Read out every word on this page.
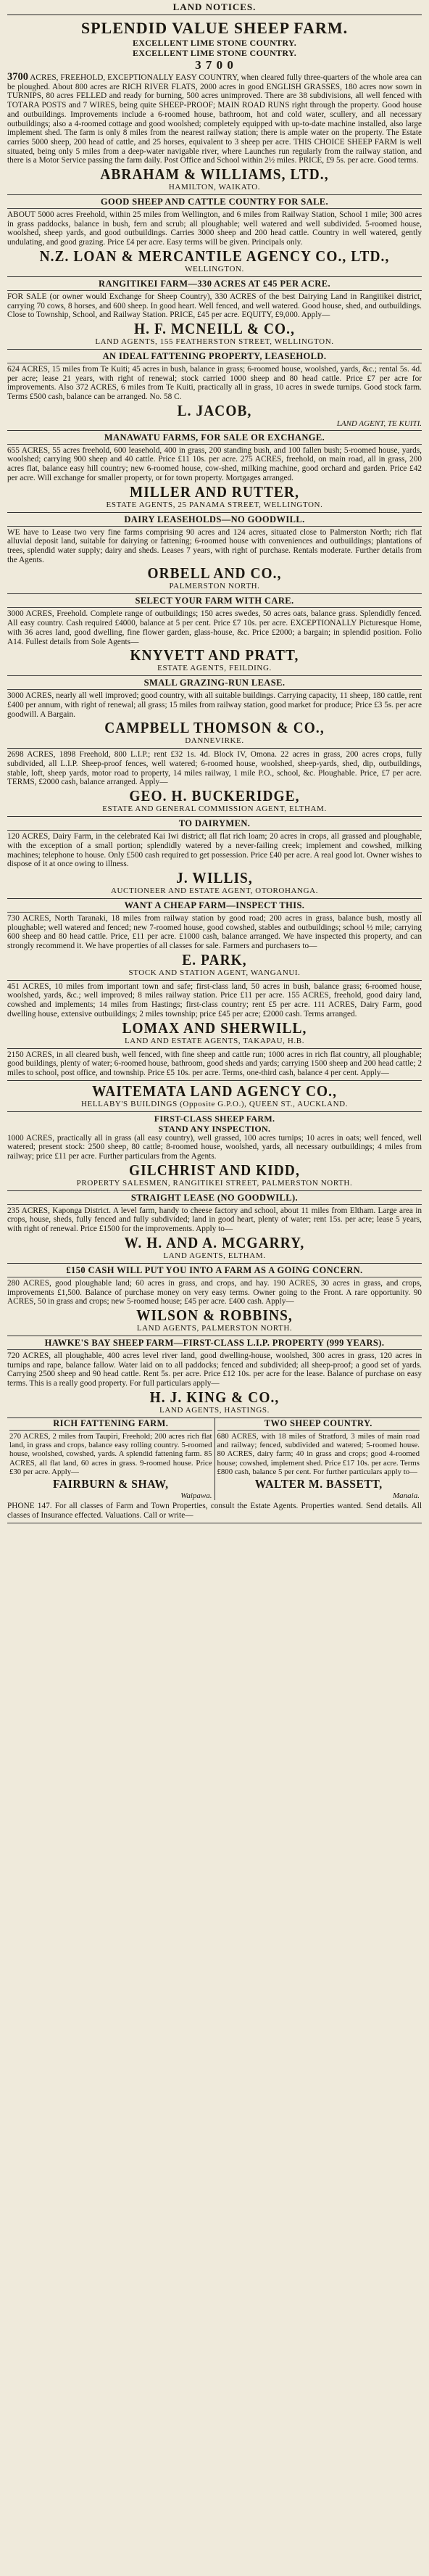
LAND NOTICES.
SPLENDID VALUE SHEEP FARM.
EXCELLENT LIME STONE COUNTRY.
EXCELLENT LIME STONE COUNTRY.
3 7 0 0

3700 ACRES, FREEHOLD, EXCEPTIONALLY EASY COUNTRY, when cleared fully three-quarters of the whole area can be ploughed. About 800 acres are RICH RIVER FLATS, 2000 acres in good ENGLISH GRASSES, 180 acres now sown in TURNIPS, 80 acres FELLED and ready for burning, 500 acres unimproved. There are 38 subdivisions, all well fenced with TOTARA POSTS and 7 WIRES, being quite SHEEP-PROOF; MAIN ROAD RUNS right through the property. Good house and outbuildings. Improvements include a 6-roomed house, bathroom, hot and cold water, scullery, and all necessary outbuildings; also a 4-roomed cottage and good woolshed; completely equipped with up-to-date machine installed, also large implement shed. The farm is only 8 miles from the nearest railway station; there is ample water on the property. The Estate carries 5000 sheep, 200 head of cattle, and 25 horses, equivalent to 3 sheep per acre. THIS CHOICE SHEEP FARM is well situated, being only 5 miles from a deep-water navigable river, where Launches run regularly from the railway station, and there is a Motor Service passing the farm daily. Post Office and School within 2½ miles. PRICE, £9 5s. per acre. Good terms.

ABRAHAM & WILLIAMS, LTD.,
HAMILTON, WAIKATO.
GOOD SHEEP AND CATTLE COUNTRY FOR SALE.

ABOUT 5000 acres Freehold, within 25 miles from Wellington, and 6 miles from Railway Station, School 1 mile; 300 acres in grass paddocks, balance in bush, fern and scrub; all ploughable; well watered and well subdivided. 5-roomed house, woolshed, sheep yards, and good outbuildings. Carries 3000 sheep and 200 head cattle. Country in well watered, gently undulating, and good grazing. Price £4 per acre. Easy terms will be given. Principals only.

N.Z. LOAN & MERCANTILE AGENCY CO., LTD.,
WELLINGTON.
RANGITIKEI FARM—330 ACRES AT £45 PER ACRE.

FOR SALE (or owner would Exchange for Sheep Country), 330 ACRES of the best Dairying Land in Rangitikei district, carrying 70 cows, 8 horses, and 600 sheep. In good heart. Well fenced, and well watered. Good house, shed, and outbuildings. Close to Township, School, and Railway Station. PRICE, £45 per acre. EQUITY, £9,000. Apply—

H. F. MCNEILL & CO.,
LAND AGENTS, 155 FEATHERSTON STREET, WELLINGTON.
AN IDEAL FATTENING PROPERTY, LEASEHOLD.

624 ACRES, 15 miles from Te Kuiti; 45 acres in bush, balance in grass; 6-roomed house, woolshed, yards, &c.; rental 5s. 4d. per acre; lease 21 years, with right of renewal; stock carried 1000 sheep and 80 head cattle. Price £7 per acre for improvements. Also 372 ACRES, 6 miles from Te Kuiti, practically all in grass, 10 acres in swede turnips. Good stock farm. Terms £500 cash, balance can be arranged. No. 58 C.

L. JACOB,
LAND AGENT, TE KUITI.
MANAWATU FARMS, FOR SALE OR EXCHANGE.

655 ACRES, 55 acres freehold, 600 leasehold, 400 in grass, 200 standing bush, and 100 fallen bush; 5-roomed house, yards, woolshed; carrying 900 sheep and 40 cattle. Price £11 10s. per acre. 275 ACRES, freehold, on main road, all in grass, 200 acres flat, balance easy hill country; new 6-roomed house, cow-shed, milking machine, good orchard and garden. Price £42 per acre. Will exchange for smaller property, or for town property. Mortgages arranged.

MILLER AND RUTTER,
ESTATE AGENTS, 25 PANAMA STREET, WELLINGTON.
DAIRY LEASEHOLDS—NO GOODWILL.

WE have to Lease two very fine farms comprising 90 acres and 124 acres, situated close to Palmerston North; rich flat alluvial deposit land, suitable for dairying or fattening; 6-roomed house with conveniences and outbuildings; plantations of trees, splendid water supply; dairy and sheds. Leases 7 years, with right of purchase. Rentals moderate. Further details from the Agents.

ORBELL AND CO.,
PALMERSTON NORTH.
SELECT YOUR FARM WITH CARE.

3000 ACRES, Freehold. Complete range of outbuildings; 150 acres swedes, 50 acres oats, balance grass. Splendidly fenced. All easy country. Cash required £4000, balance at 5 per cent. Price £7 10s. per acre. EXCEPTIONALLY Picturesque Home, with 36 acres land, good dwelling, fine flower garden, glass-house, &c. Price £2000; a bargain; in splendid position. Folio A14. Fullest details from Sole Agents—

KNYVETT AND PRATT,
ESTATE AGENTS, FEILDING.
SMALL GRAZING-RUN LEASE.

3000 ACRES, nearly all well improved; good country, with all suitable buildings. Carrying capacity, 11 sheep, 180 cattle, rent £400 per annum, with right of renewal; all grass; 15 miles from railway station, good market for produce; Price £3 5s. per acre goodwill. A Bargain.

CAMPBELL THOMSON & CO.,
DANNEVIRKE.

2698 ACRES, 1898 Freehold, 800 L.I.P.; rent £32 1s. 4d. Block IV, Omona. 22 acres in grass, 200 acres crops, fully subdivided, all L.I.P. Sheep-proof fences, well watered; 6-roomed house, woolshed, sheep-yards, shed, dip, outbuildings, stable, loft, sheep yards, motor road to property, 14 miles railway, 1 mile P.O., school, &c. Ploughable. Price, £7 per acre. TERMS, £2000 cash, balance arranged. Apply—

GEO. H. BUCKERIDGE,
ESTATE AND GENERAL COMMISSION AGENT, ELTHAM.
TO DAIRYMEN.

120 ACRES, Dairy Farm, in the celebrated Kai Iwi district; all flat rich loam; 20 acres in crops, all grassed and ploughable, with the exception of a small portion; splendidly watered by a never-failing creek; implement and cowshed, milking machines; telephone to house. Only £500 cash required to get possession. Price £40 per acre. A real good lot. Owner wishes to dispose of it at once owing to illness.

J. WILLIS,
AUCTIONEER AND ESTATE AGENT, OTOROHANGA.
WANT A CHEAP FARM—INSPECT THIS.

730 ACRES, North Taranaki, 18 miles from railway station by good road; 200 acres in grass, balance bush, mostly all ploughable; well watered and fenced; new 7-roomed house, good cowshed, stables and outbuildings; school ½ mile; carrying 600 sheep and 80 head cattle. Price, £11 per acre. £1000 cash, balance arranged. We have inspected this property, and can strongly recommend it. We have properties of all classes for sale. Farmers and purchasers to—

E. PARK,
STOCK AND STATION AGENT, WANGANUI.

451 ACRES, 10 miles from important town and safe; first-class land, 50 acres in bush, balance grass; 6-roomed house, woolshed, yards, &c.; well improved; 8 miles railway station. Price £11 per acre. 155 ACRES, freehold, good dairy land, cowshed and implements; 14 miles from Hastings; first-class country; rent £5 per acre. 111 ACRES, Dairy Farm, good dwelling house, extensive outbuildings; 2 miles township; price £45 per acre; £2000 cash. Terms arranged.

LOMAX AND SHERWILL,
LAND AND ESTATE AGENTS, TAKAPAU, H.B.

2150 ACRES, in all cleared bush, well fenced, with fine sheep and cattle run; 1000 acres in rich flat country, all ploughable; good buildings, plenty of water; 6-roomed house, bathroom, good sheds and yards; carrying 1500 sheep and 200 head cattle; 2 miles to school, post office, and township. Price £5 10s. per acre. Terms, one-third cash, balance 4 per cent. Apply—

WAITEMATA LAND AGENCY CO.,
HELLABY'S BUILDINGS (Opposite G.P.O.), QUEEN ST., AUCKLAND.
FIRST-CLASS SHEEP FARM.
STAND ANY INSPECTION.

1000 ACRES, practically all in grass (all easy country), well grassed, 100 acres turnips; 10 acres in oats; well fenced, well watered; present stock: 2500 sheep, 80 cattle; 8-roomed house, woolshed, yards, all necessary outbuildings; 4 miles from railway; price £11 per acre. Further particulars from the Agents.

GILCHRIST AND KIDD,
PROPERTY SALESMEN, RANGITIKEI STREET, PALMERSTON NORTH.
STRAIGHT LEASE (NO GOODWILL).

235 ACRES, Kaponga District. A level farm, handy to cheese factory and school, about 11 miles from Eltham. Large area in crops, house, sheds, fully fenced and fully subdivided; land in good heart, plenty of water; rent 15s. per acre; lease 5 years, with right of renewal. Price £1500 for the improvements. Apply to—

W. H. AND A. MCGARRY,
LAND AGENTS, ELTHAM.
£150 CASH WILL PUT YOU INTO A FARM AS A GOING CONCERN.

280 ACRES, good ploughable land; 60 acres in grass, and crops, and hay. 190 ACRES, 30 acres in grass, and crops, improvements £1,500. Balance of purchase money on very easy terms. Owner going to the Front. A rare opportunity. 90 ACRES, 50 in grass and crops; new 5-roomed house; £45 per acre. £400 cash. Apply—

WILSON & ROBBINS,
LAND AGENTS, PALMERSTON NORTH.
HAWKE'S BAY SHEEP FARM—FIRST-CLASS L.I.P. PROPERTY (999 YEARS).

720 ACRES, all ploughable, 400 acres level river land, good dwelling-house, woolshed, 300 acres in grass, 120 acres in turnips and rape, balance fallow. Water laid on to all paddocks; fenced and subdivided; all sheep-proof; a good set of yards. Carrying 2500 sheep and 90 head cattle. Rent 5s. per acre. Price £12 10s. per acre for the lease. Balance of purchase on easy terms. This is a really good property. For full particulars apply—

H. J. KING & CO.,
LAND AGENTS, HASTINGS.
RICH FATTENING FARM.

270 ACRES, 2 miles from Taupiri, Freehold; 200 acres rich flat land, in grass and crops, balance easy rolling country. 5-roomed house, woolshed, cowshed, yards. A splendid fattening farm. 85 ACRES, all flat land, 60 acres in grass. 9-roomed house. Price £30 per acre. Apply—

FAIRBURN & SHAW,
Waipawa.
TWO SHEEP COUNTRY.

680 ACRES, with 18 miles of Stratford, 3 miles of main road and railway; fenced, subdivided and watered; 5-roomed house. 80 ACRES, dairy farm; 40 in grass and crops; good 4-roomed house; cowshed, implement shed. Price £17 10s. per acre. Terms £800 cash, balance 5 per cent. For further particulars apply to—

WALTER M. BASSETT,
Manaia.

PHONE 147. For all classes of Farm and Town Properties, consult the Estate Agents. Properties wanted. Send details. All classes of Insurance effected. Valuations. Call or write—
